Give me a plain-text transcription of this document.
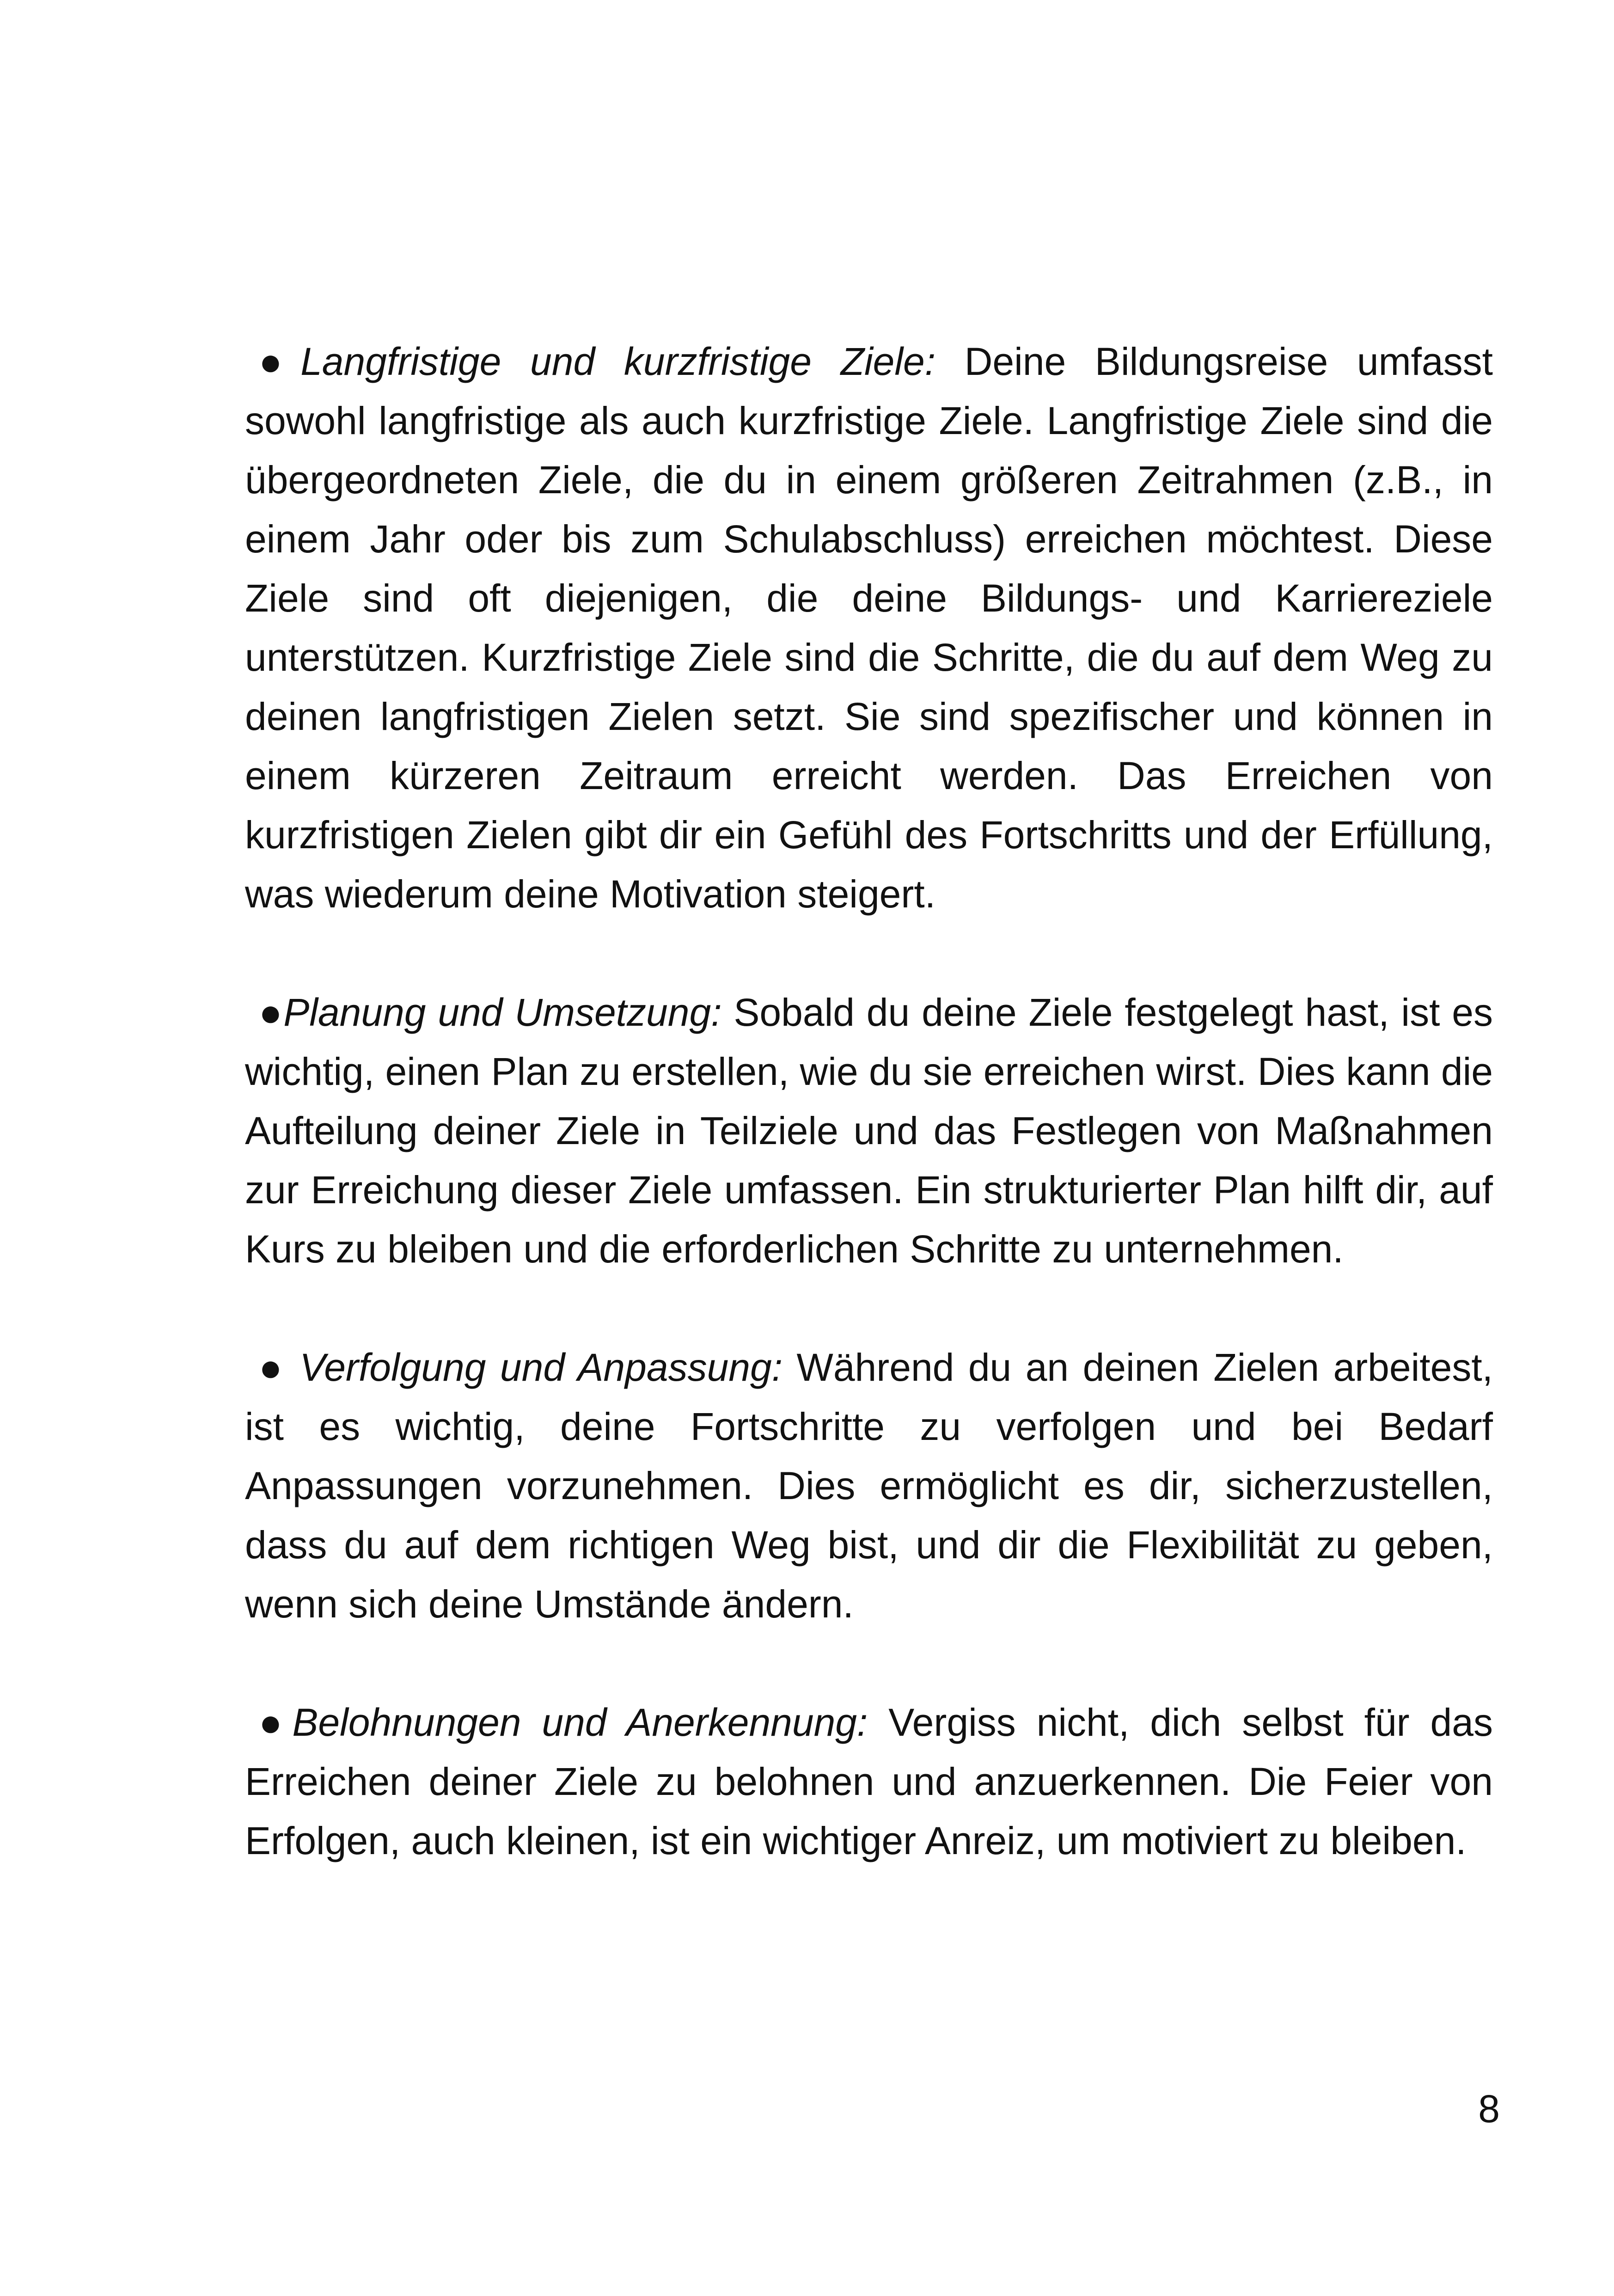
●Langfristige und kurzfristige Ziele: Deine Bildungsreise umfasst sowohl langfristige als auch kurzfristige Ziele. Langfristige Ziele sind die übergeordneten Ziele, die du in einem größeren Zeitrahmen (z.B., in einem Jahr oder bis zum Schulabschluss) erreichen möchtest. Diese Ziele sind oft diejenigen, die deine Bildungs- und Karriereziele unterstützen. Kurzfristige Ziele sind die Schritte, die du auf dem Weg zu deinen langfristigen Zielen setzt. Sie sind spezifischer und können in einem kürzeren Zeitraum erreicht werden. Das Erreichen von kurzfristigen Zielen gibt dir ein Gefühl des Fortschritts und der Erfüllung, was wiederum deine Motivation steigert.

●Planung und Umsetzung: Sobald du deine Ziele festgelegt hast, ist es wichtig, einen Plan zu erstellen, wie du sie erreichen wirst. Dies kann die Aufteilung deiner Ziele in Teilziele und das Festlegen von Maßnahmen zur Erreichung dieser Ziele umfassen. Ein strukturierter Plan hilft dir, auf Kurs zu bleiben und die erforderlichen Schritte zu unternehmen.

● Verfolgung und Anpassung: Während du an deinen Zielen arbeitest, ist es wichtig, deine Fortschritte zu verfolgen und bei Bedarf Anpassungen vorzunehmen. Dies ermöglicht es dir, sicherzustellen, dass du auf dem richtigen Weg bist, und dir die Flexibilität zu geben, wenn sich deine Umstände ändern.

●Belohnungen und Anerkennung: Vergiss nicht, dich selbst für das Erreichen deiner Ziele zu belohnen und anzuerkennen. Die Feier von Erfolgen, auch kleinen, ist ein wichtiger Anreiz, um motiviert zu bleiben.

8
